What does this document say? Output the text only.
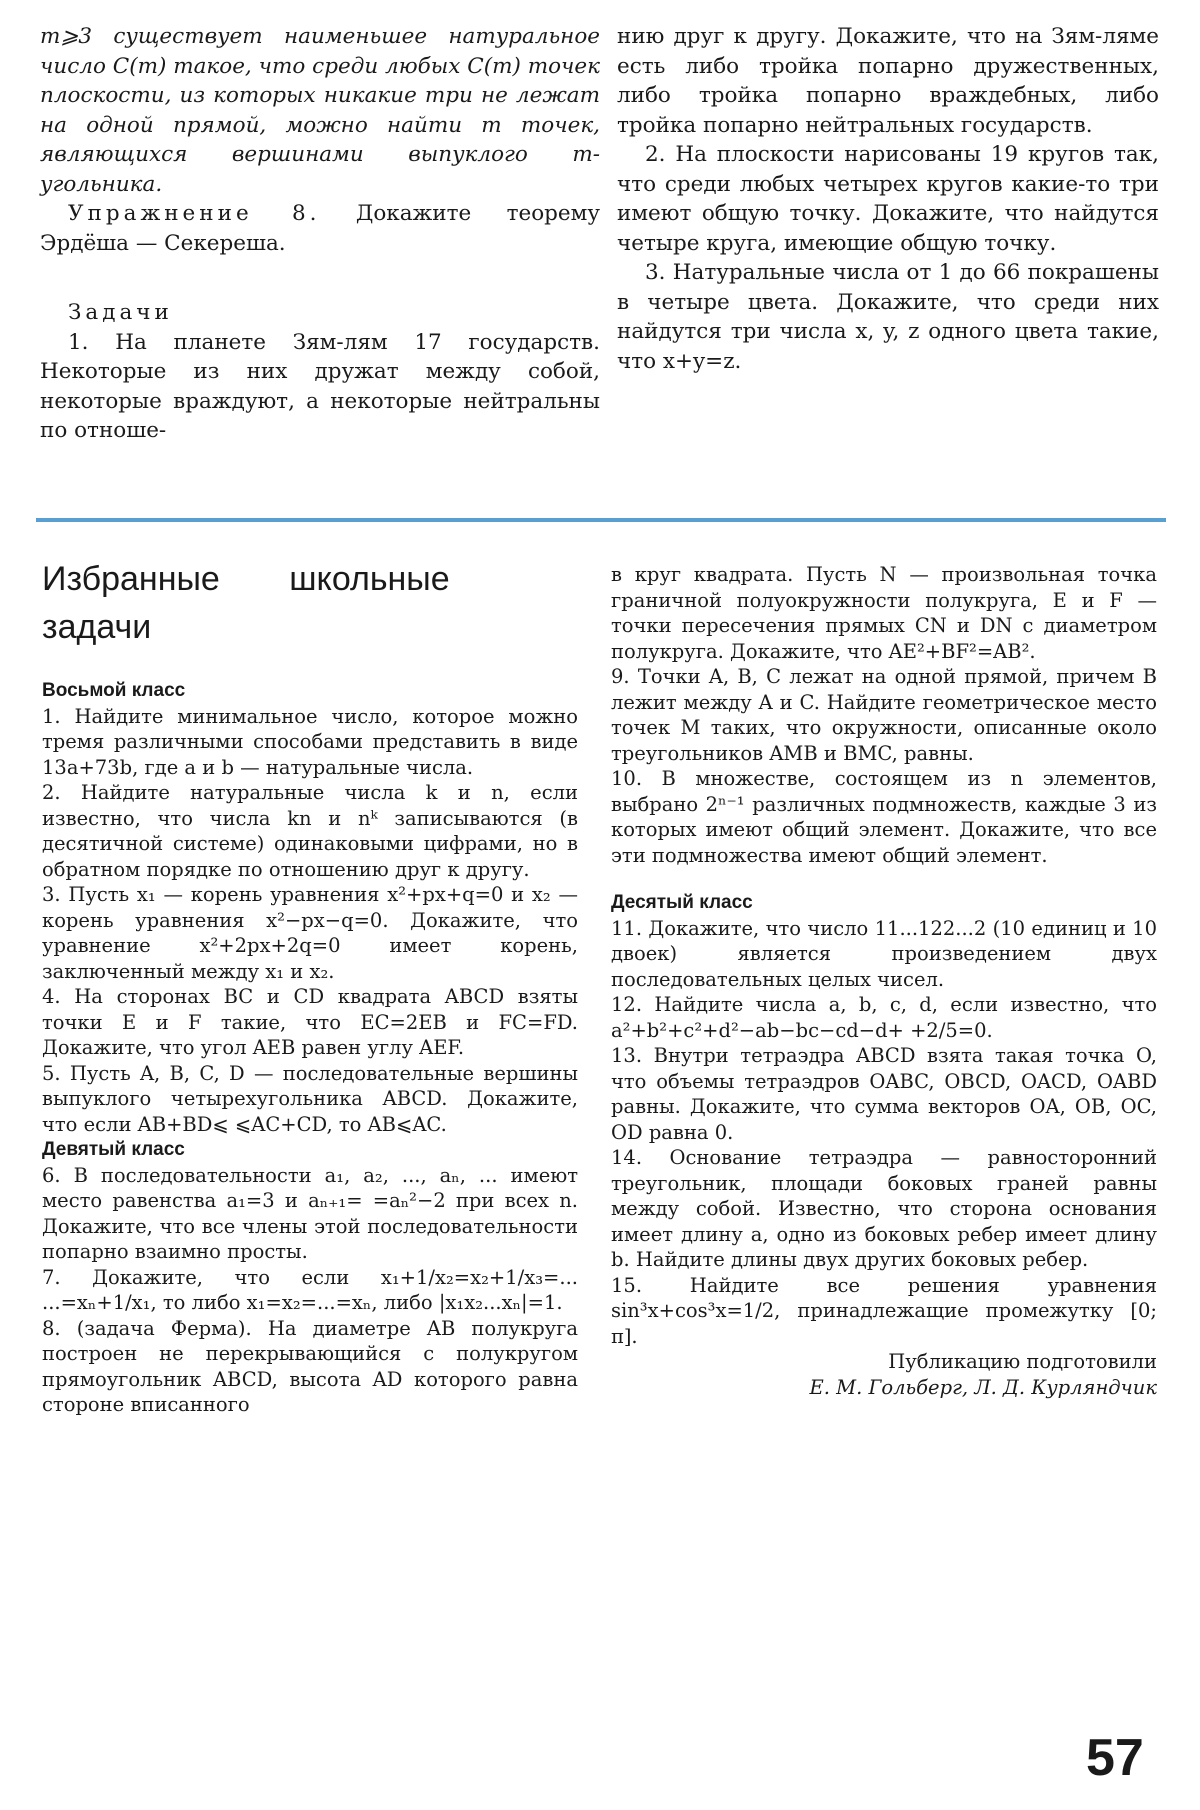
m⩾3 существует наименьшее натуральное число C(m) такое, что среди любых C(m) точек плоскости, из которых никакие три не лежат на одной прямой, можно найти m точек, являющихся вершинами выпуклого m-угольника.

Упражнение 8. Докажите теорему Эрдёша — Секереша.

Задачи

1. На планете Зям-лям 17 государств. Некоторые из них дружат между собой, некоторые враждуют, а некоторые нейтральны по отноше-

нию друг к другу. Докажите, что на Зям-ляме есть либо тройка попарно дружественных, либо тройка попарно враждебных, либо тройка попарно нейтральных государств.

2. На плоскости нарисованы 19 кругов так, что среди любых четырех кругов какие-то три имеют общую точку. Докажите, что найдутся четыре круга, имеющие общую точку.

3. Натуральные числа от 1 до 66 покрашены в четыре цвета. Докажите, что среди них найдутся три числа x, y, z одного цвета такие, что x+y=z.

Избранные школьные задачи

Восьмой класс

1. Найдите минимальное число, которое можно тремя различными способами представить в виде 13a+73b, где a и b — натуральные числа.

2. Найдите натуральные числа k и n, если известно, что числа kn и nᵏ записываются (в десятичной системе) одинаковыми цифрами, но в обратном порядке по отношению друг к другу.

3. Пусть x₁ — корень уравнения x²+px+q=0 и x₂ — корень уравнения x²−px−q=0. Докажите, что уравнение x²+2px+2q=0 имеет корень, заключенный между x₁ и x₂.

4. На сторонах BC и CD квадрата ABCD взяты точки E и F такие, что EC=2EB и FC=FD. Докажите, что угол AEB равен углу AEF.

5. Пусть A, B, C, D — последовательные вершины выпуклого четырехугольника ABCD. Докажите, что если AB+BD⩽ ⩽AC+CD, то AB⩽AC.

Девятый класс

6. В последовательности a₁, a₂, ..., aₙ, ... имеют место равенства a₁=3 и aₙ₊₁= =aₙ²−2 при всех n. Докажите, что все члены этой последовательности попарно взаимно просты.

7. Докажите, что если x₁+1/x₂=x₂+1/x₃=... ...=xₙ+1/x₁, то либо x₁=x₂=...=xₙ, либо |x₁x₂...xₙ|=1.

8. (задача Ферма). На диаметре AB полукруга построен не перекрывающийся с полукругом прямоугольник ABCD, высота AD которого равна стороне вписанного

в круг квадрата. Пусть N — произвольная точка граничной полуокружности полукруга, E и F — точки пересечения прямых CN и DN с диаметром полукруга. Докажите, что AE²+BF²=AB².

9. Точки A, B, C лежат на одной прямой, причем B лежит между A и C. Найдите геометрическое место точек M таких, что окружности, описанные около треугольников AMB и BMC, равны.

10. В множестве, состоящем из n элементов, выбрано 2ⁿ⁻¹ различных подмножеств, каждые 3 из которых имеют общий элемент. Докажите, что все эти подмножества имеют общий элемент.

Десятый класс

11. Докажите, что число 11...122...2 (10 единиц и 10 двоек) является произведением двух последовательных целых чисел.

12. Найдите числа a, b, c, d, если известно, что a²+b²+c²+d²−ab−bc−cd−d+ +2/5=0.

13. Внутри тетраэдра ABCD взята такая точка O, что объемы тетраэдров OABC, OBCD, OACD, OABD равны. Докажите, что сумма векторов OA, OB, OC, OD равна 0.

14. Основание тетраэдра — равносторонний треугольник, площади боковых граней равны между собой. Известно, что сторона основания имеет длину a, одно из боковых ребер имеет длину b. Найдите длины двух других боковых ребер.

15. Найдите все решения уравнения sin³x+cos³x=1/2, принадлежащие промежутку [0; π].

Публикацию подготовили

Е. М. Гольберг, Л. Д. Курляндчик

57
